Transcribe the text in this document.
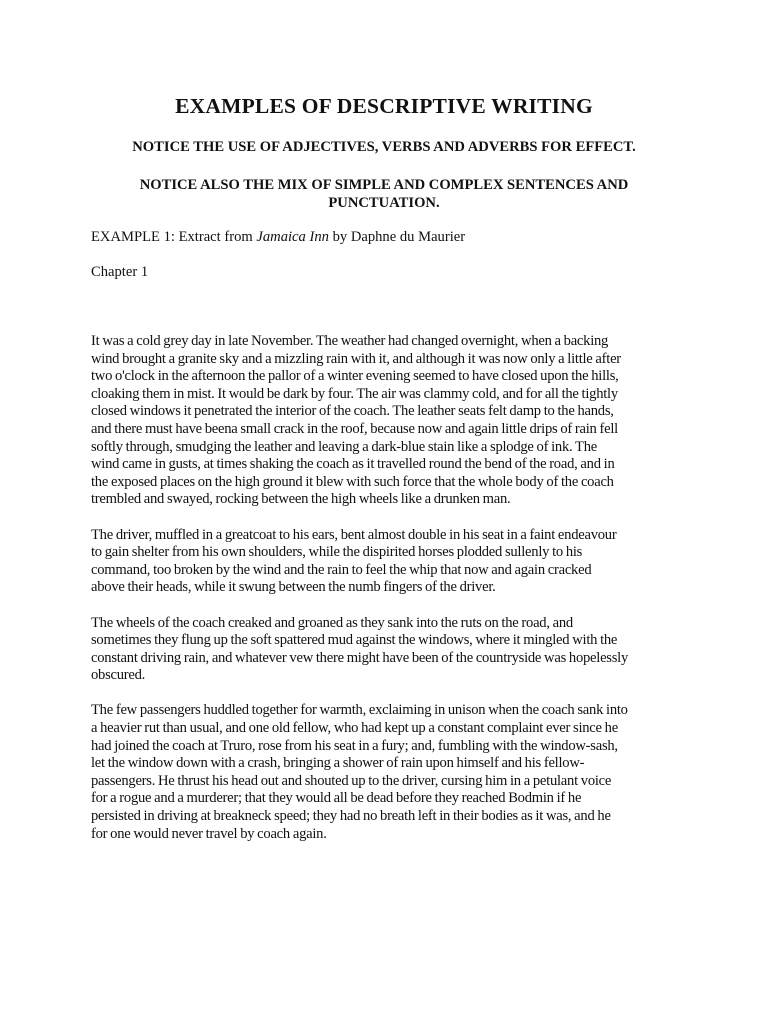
EXAMPLES OF DESCRIPTIVE WRITING

NOTICE THE USE OF ADJECTIVES, VERBS AND ADVERBS FOR EFFECT.

NOTICE ALSO THE MIX OF SIMPLE AND COMPLEX SENTENCES AND PUNCTUATION.

EXAMPLE 1: Extract from Jamaica Inn by Daphne du Maurier

Chapter 1

It was a cold grey day in late November. The weather had changed overnight, when a backing
wind brought a granite sky and a mizzling rain with it, and although it was now only a little after
two o'clock in the afternoon the pallor of a winter evening seemed to have closed upon the hills,
cloaking them in mist. It would be dark by four. The air was clammy cold, and for all the tightly
closed windows it penetrated the interior of the coach. The leather seats felt damp to the hands,
and there must have beena small crack in the roof, because now and again little drips of rain fell
softly through, smudging the leather and leaving a dark-blue stain like a splodge of ink. The
wind came in gusts, at times shaking the coach as it travelled round the bend of the road, and in
the exposed places on the high ground it blew with such force that the whole body of the coach
trembled and swayed, rocking between the high wheels like a drunken man.

The driver, muffled in a greatcoat to his ears, bent almost double in his seat in a faint endeavour
to gain shelter from his own shoulders, while the dispirited horses plodded sullenly to his
command, too broken by the wind and the rain to feel the whip that now and again cracked
above their heads, while it swung between the numb fingers of the driver.

The wheels of the coach creaked and groaned as they sank into the ruts on the road, and
sometimes they flung up the soft spattered mud against the windows, where it mingled with the
constant driving rain, and whatever vew there might have been of the countryside was hopelessly
obscured.

The few passengers huddled together for warmth, exclaiming in unison when the coach sank into
a heavier rut than usual, and one old fellow, who had kept up a constant complaint ever since he
had joined the coach at Truro, rose from his seat in a fury; and, fumbling with the window-sash,
let the window down with a crash, bringing a shower of rain upon himself and his fellow-
passengers. He thrust his head out and shouted up to the driver, cursing him in a petulant voice
for a rogue and a murderer; that they would all be dead before they reached Bodmin if he
persisted in driving at breakneck speed; they had no breath left in their bodies as it was, and he
for one would never travel by coach again.
